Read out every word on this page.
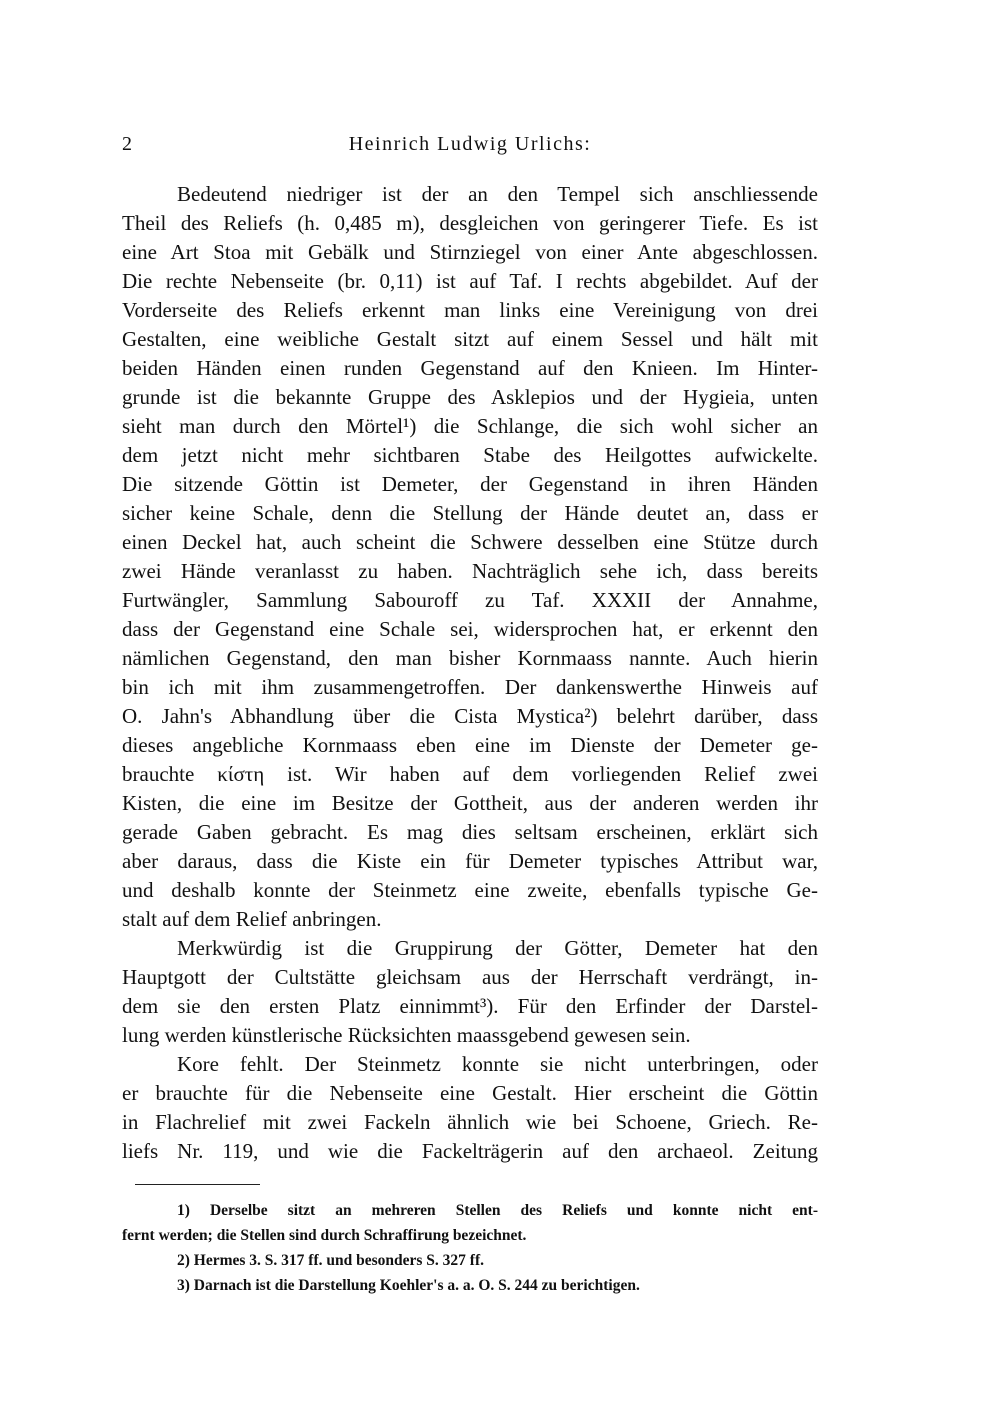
2	Heinrich Ludwig Urlichs:
Bedeutend niedriger ist der an den Tempel sich anschliessende
Theil des Reliefs (h. 0,485 m), desgleichen von geringerer Tiefe. Es ist
eine Art Stoa mit Gebälk und Stirnziegel von einer Ante abgeschlossen.
Die rechte Nebenseite (br. 0,11) ist auf Taf. I rechts abgebildet. Auf der
Vorderseite des Reliefs erkennt man links eine Vereinigung von drei
Gestalten, eine weibliche Gestalt sitzt auf einem Sessel und hält mit
beiden Händen einen runden Gegenstand auf den Knieen. Im Hinter-
grunde ist die bekannte Gruppe des Asklepios und der Hygieia, unten
sieht man durch den Mörtel¹) die Schlange, die sich wohl sicher an
dem jetzt nicht mehr sichtbaren Stabe des Heilgottes aufwickelte.
Die sitzende Göttin ist Demeter, der Gegenstand in ihren Händen
sicher keine Schale, denn die Stellung der Hände deutet an, dass er
einen Deckel hat, auch scheint die Schwere desselben eine Stütze durch
zwei Hände veranlasst zu haben. Nachträglich sehe ich, dass bereits
Furtwängler, Sammlung Sabouroff zu Taf. XXXII der Annahme,
dass der Gegenstand eine Schale sei, widersprochen hat, er erkennt den
nämlichen Gegenstand, den man bisher Kornmaass nannte. Auch hierin
bin ich mit ihm zusammengetroffen. Der dankenswerthe Hinweis auf
O. Jahn's Abhandlung über die Cista Mystica²) belehrt darüber, dass
dieses angebliche Kornmaass eben eine im Dienste der Demeter ge-
brauchte κίστη ist. Wir haben auf dem vorliegenden Relief zwei
Kisten, die eine im Besitze der Gottheit, aus der anderen werden ihr
gerade Gaben gebracht. Es mag dies seltsam erscheinen, erklärt sich
aber daraus, dass die Kiste ein für Demeter typisches Attribut war,
und deshalb konnte der Steinmetz eine zweite, ebenfalls typische Ge-
stalt auf dem Relief anbringen.
Merkwürdig ist die Gruppirung der Götter, Demeter hat den
Hauptgott der Cultstätte gleichsam aus der Herrschaft verdrängt, in-
dem sie den ersten Platz einnimmt³). Für den Erfinder der Darstel-
lung werden künstlerische Rücksichten maassgebend gewesen sein.
Kore fehlt. Der Steinmetz konnte sie nicht unterbringen, oder
er brauchte für die Nebenseite eine Gestalt. Hier erscheint die Göttin
in Flachrelief mit zwei Fackeln ähnlich wie bei Schoene, Griech. Re-
liefs Nr. 119, und wie die Fackelträgerin auf den archaeol. Zeitung
1) Derselbe sitzt an mehreren Stellen des Reliefs und konnte nicht ent-
fernt werden; die Stellen sind durch Schraffirung bezeichnet.
2) Hermes 3. S. 317 ff. und besonders S. 327 ff.
3) Darnach ist die Darstellung Koehler's a. a. O. S. 244 zu berichtigen.
